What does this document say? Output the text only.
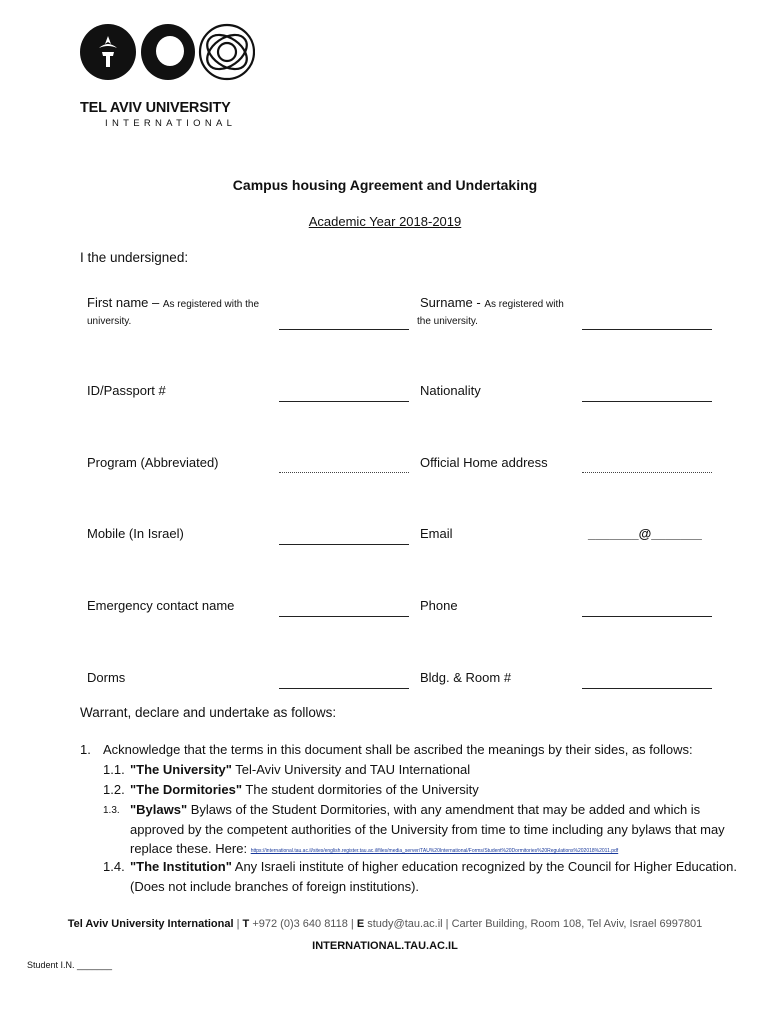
TEL AVIV UNIVERSITY
INTERNATIONAL
Campus housing Agreement and Undertaking
Academic Year 2018-2019
I the undersigned:
First name – As registered with the
university.
Surname - As registered with
the university.
ID/Passport #	Nationality
Program (Abbreviated)	Official Home address
Mobile (In Israel)	Email	_______@_______
Emergency contact name	Phone
Dorms	Bldg. & Room #
Warrant, declare and undertake as follows:
1. Acknowledge that the terms in this document shall be ascribed the meanings by their sides, as follows:
1.1. "The University" Tel-Aviv University and TAU International
1.2. "The Dormitories" The student dormitories of the University
1.3. "Bylaws" Bylaws of the Student Dormitories, with any amendment that may be added and which is
approved by the competent authorities of the University from time to time including any bylaws that may
replace these. Here: https://international.tau.ac.il/sites/english.register.tau.ac.il/files/media_server/TAU%20International/Forms/Student%20Dormitories%20Regulations%202018%2011.pdf
1.4. "The Institution" Any Israeli institute of higher education recognized by the Council for Higher Education.
(Does not include branches of foreign institutions).
Tel Aviv University International | T +972 (0)3 640 8118 | E study@tau.ac.il | Carter Building, Room 108, Tel Aviv, Israel 6997801
INTERNATIONAL.TAU.AC.IL
Student I.N. _______
